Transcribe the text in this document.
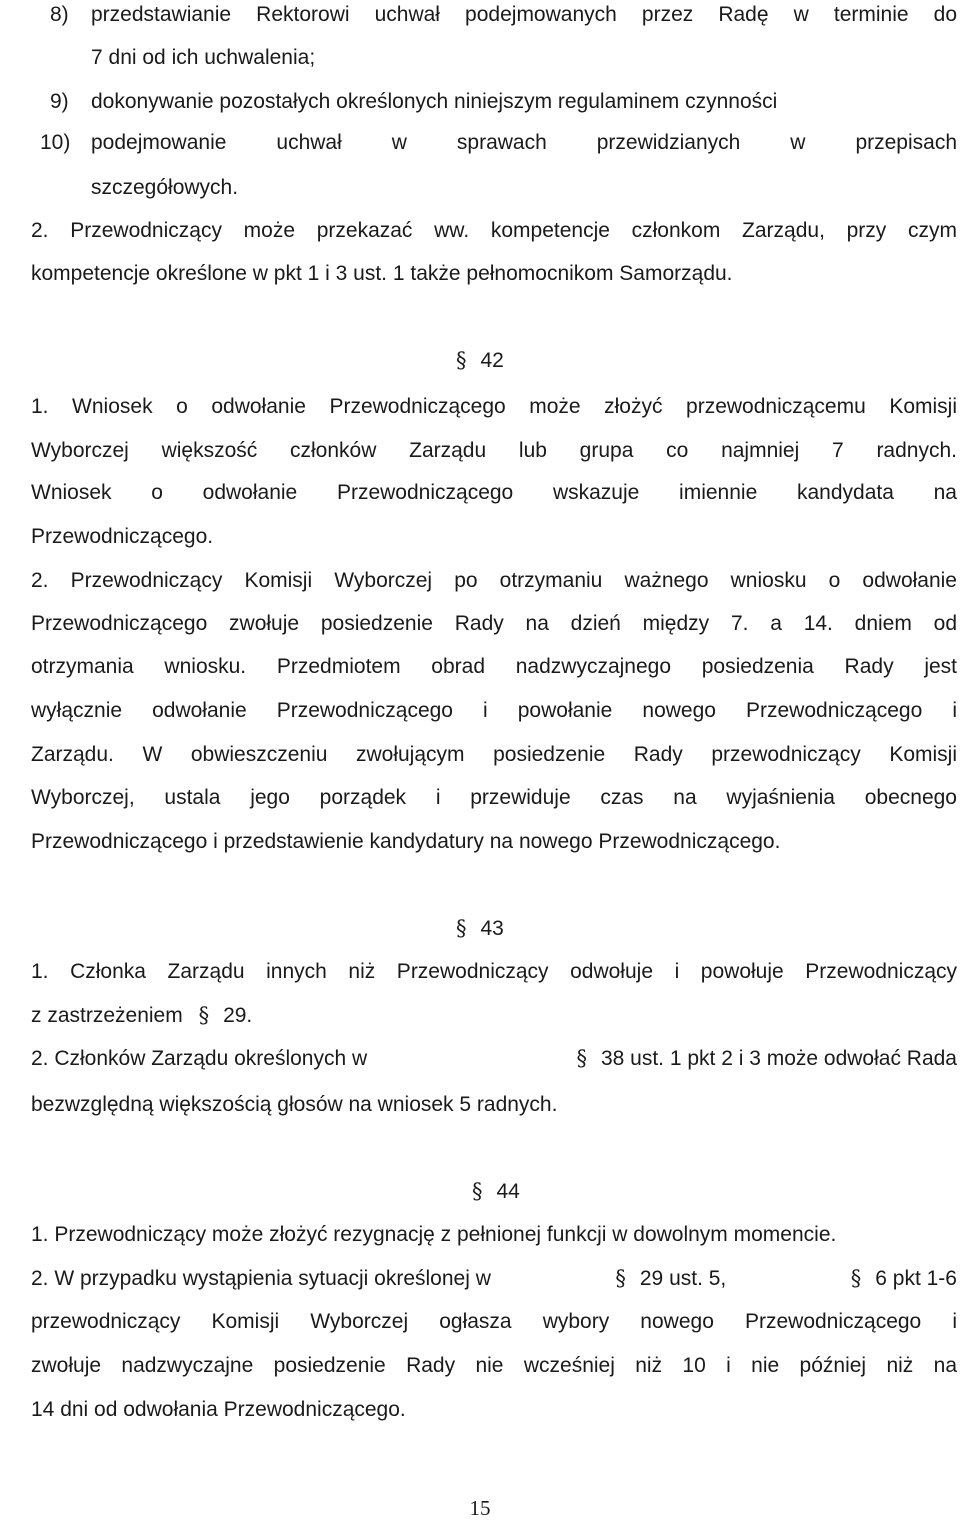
8) przedstawianie Rektorowi uchwał podejmowanych przez Radę w terminie do
7 dni od ich uchwalenia;
9) dokonywanie pozostałych określonych niniejszym regulaminem czynności
10) podejmowanie uchwał w sprawach przewidzianych w przepisach
szczegółowych.
2. Przewodniczący może przekazać ww. kompetencje członkom Zarządu, przy czym
kompetencje określone w pkt 1 i 3 ust. 1 także pełnomocnikom Samorządu.
§ 42
1. Wniosek o odwołanie Przewodniczącego może złożyć przewodniczącemu Komisji
Wyborczej większość członków Zarządu lub grupa co najmniej 7 radnych.
Wniosek o odwołanie Przewodniczącego wskazuje imiennie kandydata na
Przewodniczącego.
2. Przewodniczący Komisji Wyborczej po otrzymaniu ważnego wniosku o odwołanie
Przewodniczącego zwołuje posiedzenie Rady na dzień między 7. a 14. dniem od
otrzymania wniosku. Przedmiotem obrad nadzwyczajnego posiedzenia Rady jest
wyłącznie odwołanie Przewodniczącego i powołanie nowego Przewodniczącego i
Zarządu. W obwieszczeniu zwołującym posiedzenie Rady przewodniczący Komisji
Wyborczej, ustala jego porządek i przewiduje czas na wyjaśnienia obecnego
Przewodniczącego i przedstawienie kandydatury na nowego Przewodniczącego.
§ 43
1. Członka Zarządu innych niż Przewodniczący odwołuje i powołuje Przewodniczący
z zastrzeżeniem § 29.
2. Członków Zarządu określonych w	§ 38 ust. 1 pkt 2 i 3 może odwołać Rada
bezwzględną większością głosów na wniosek 5 radnych.
§ 44
1. Przewodniczący może złożyć rezygnację z pełnionej funkcji w dowolnym momencie.
2. W przypadku wystąpienia sytuacji określonej w	§ 29 ust. 5,	§ 6 pkt 1-6
przewodniczący Komisji Wyborczej ogłasza wybory nowego Przewodniczącego i
zwołuje nadzwyczajne posiedzenie Rady nie wcześniej niż 10 i nie później niż na
14 dni od odwołania Przewodniczącego.
15
